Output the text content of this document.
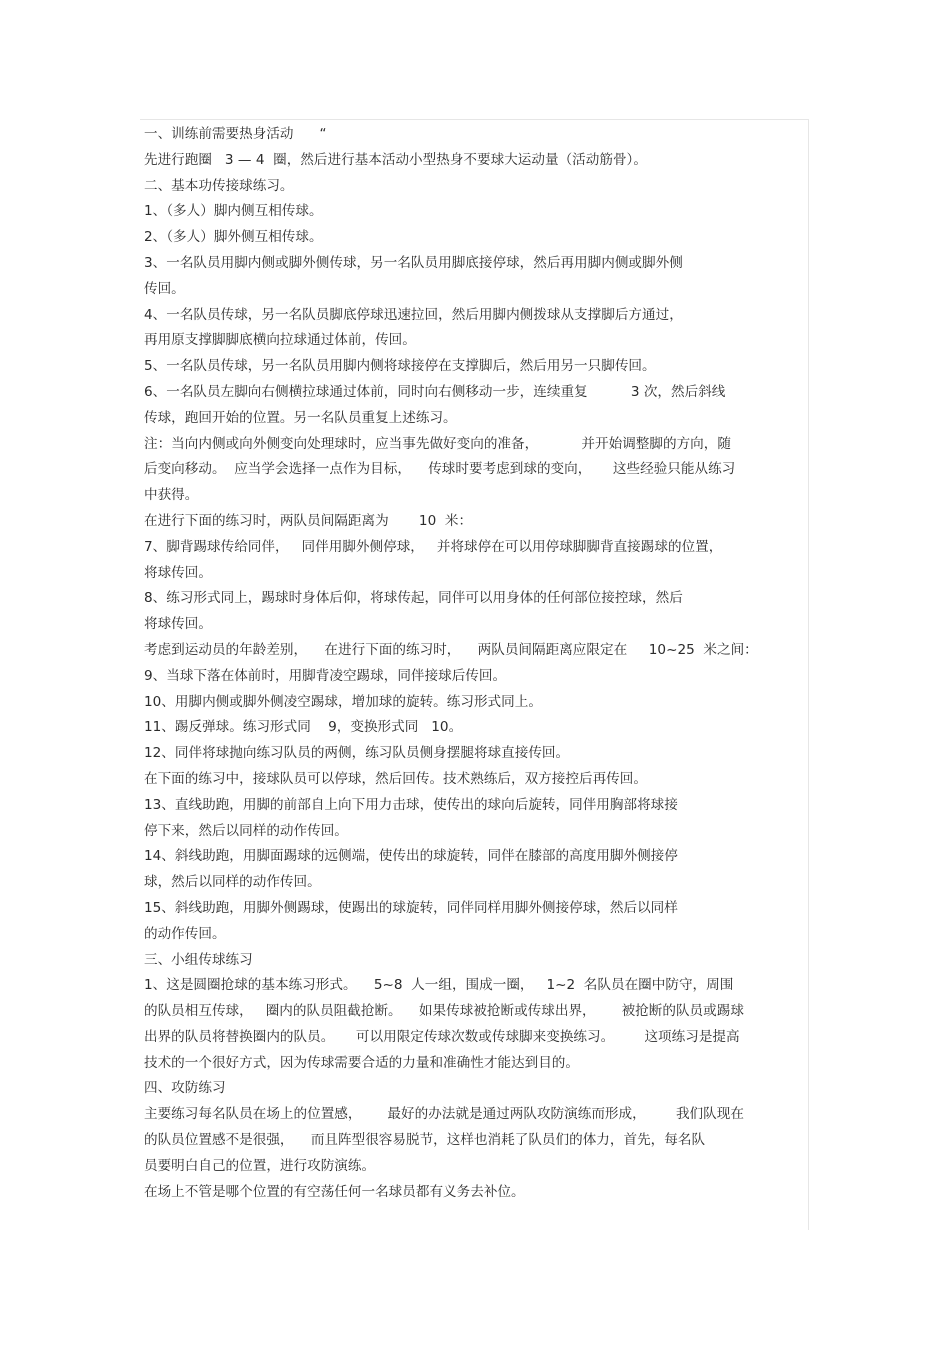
一、训练前需要热身活动      “
先进行跑圈   3 — 4  圈，然后进行基本活动小型热身不要球大运动量（活动筋骨）。
二、基本功传接球练习。
1、（多人）脚内侧互相传球。
2、（多人）脚外侧互相传球。
3、一名队员用脚内侧或脚外侧传球，另一名队员用脚底接停球，然后再用脚内侧或脚外侧
传回。
4、一名队员传球，另一名队员脚底停球迅速拉回，然后用脚内侧拨球从支撑脚后方通过，
再用原支撑脚脚底横向拉球通过体前，传回。
5、一名队员传球，另一名队员用脚内侧将球接停在支撑脚后，然后用另一只脚传回。
6、一名队员左脚向右侧横拉球通过体前，同时向右侧移动一步，连续重复          3 次，然后斜线
传球，跑回开始的位置。另一名队员重复上述练习。
注：当向内侧或向外侧变向处理球时，应当事先做好变向的准备，          并开始调整脚的方向，随
后变向移动。  应当学会选择一点作为目标，    传球时要考虑到球的变向，     这些经验只能从练习
中获得。
在进行下面的练习时，两队员间隔距离为       10  米：
7、脚背踢球传给同伴，   同伴用脚外侧停球，   并将球停在可以用停球脚脚背直接踢球的位置，
将球传回。
8、练习形式同上，踢球时身体后仰，将球传起，同伴可以用身体的任何部位接控球，然后
将球传回。
考虑到运动员的年龄差别，    在进行下面的练习时，    两队员间隔距离应限定在     10~25  米之间：
9、当球下落在体前时，用脚背凌空踢球，同伴接球后传回。
10、用脚内侧或脚外侧凌空踢球，增加球的旋转。练习形式同上。
11、踢反弹球。练习形式同    9，变换形式同   10。
12、同伴将球抛向练习队员的两侧，练习队员侧身摆腿将球直接传回。
在下面的练习中，接球队员可以停球，然后回传。技术熟练后，双方接控后再传回。
13、直线助跑，用脚的前部自上向下用力击球，使传出的球向后旋转，同伴用胸部将球接
停下来，然后以同样的动作传回。
14、斜线助跑，用脚面踢球的远侧端，使传出的球旋转，同伴在膝部的高度用脚外侧接停
球，然后以同样的动作传回。
15、斜线助跑，用脚外侧踢球，使踢出的球旋转，同伴同样用脚外侧接停球，然后以同样
的动作传回。
三、小组传球练习
1、这是圆圈抢球的基本练习形式。    5~8  人一组，围成一圈，   1~2  名队员在圈中防守，周围
的队员相互传球，   圈内的队员阻截抢断。    如果传球被抢断或传球出界，      被抢断的队员或踢球
出界的队员将替换圈内的队员。     可以用限定传球次数或传球脚来变换练习。       这项练习是提高
技术的一个很好方式，因为传球需要合适的力量和准确性才能达到目的。
四、攻防练习
主要练习每名队员在场上的位置感，      最好的办法就是通过两队攻防演练而形成，       我们队现在
的队员位置感不是很强，    而且阵型很容易脱节，这样也消耗了队员们的体力，首先，每名队
员要明白自己的位置，进行攻防演练。
在场上不管是哪个位置的有空荡任何一名球员都有义务去补位。
